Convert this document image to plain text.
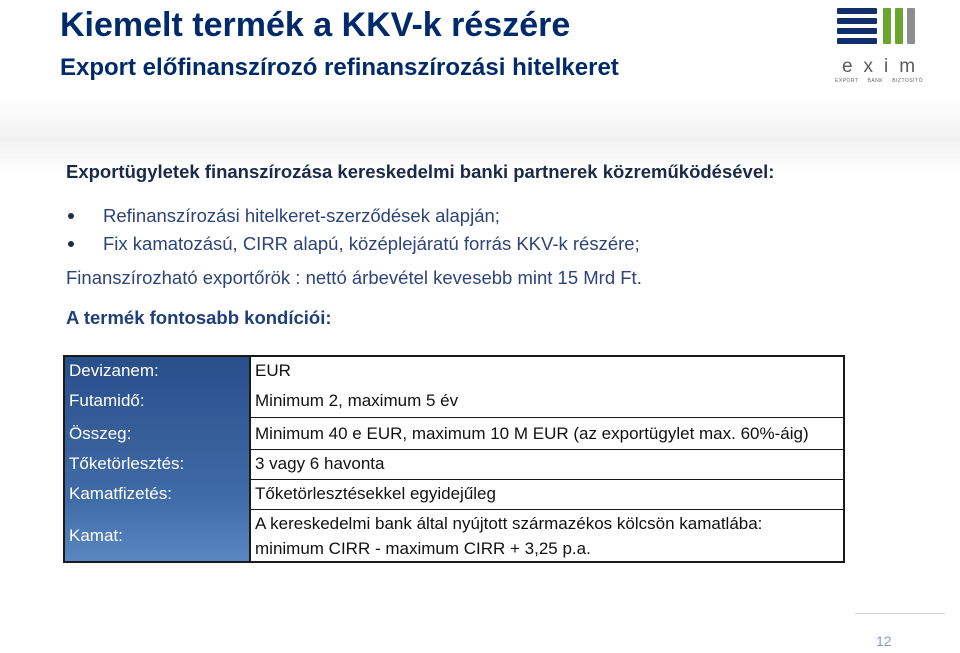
Kiemelt termék a KKV-k részére
Export előfinanszírozó refinanszírozási hitelkeret	exim
EXPORT BANK BIZTOSÍTÓ

Exportügyletek finanszírozása kereskedelmi banki partnerek közreműködésével:

Refinanszírozási hitelkeret-szerződések alapján;
Fix kamatozású, CIRR alapú, középlejáratú forrás KKV-k részére;

Finanszírozható exportőrök : nettó árbevétel kevesebb mint 15 Mrd Ft.

A termék fontosabb kondíciói:

Devizanem:	EUR
Futamidő:	Minimum 2, maximum 5 év
Összeg:	Minimum 40 e EUR, maximum 10 M EUR (az exportügylet max. 60%-áig)
Tőketörlesztés:	3 vagy 6 havonta
Kamatfizetés:	Tőketörlesztésekkel egyidejűleg
Kamat:
A kereskedelmi bank által nyújtott származékos kölcsön kamatlába:
minimum CIRR - maximum CIRR + 3,25 p.a.
12
